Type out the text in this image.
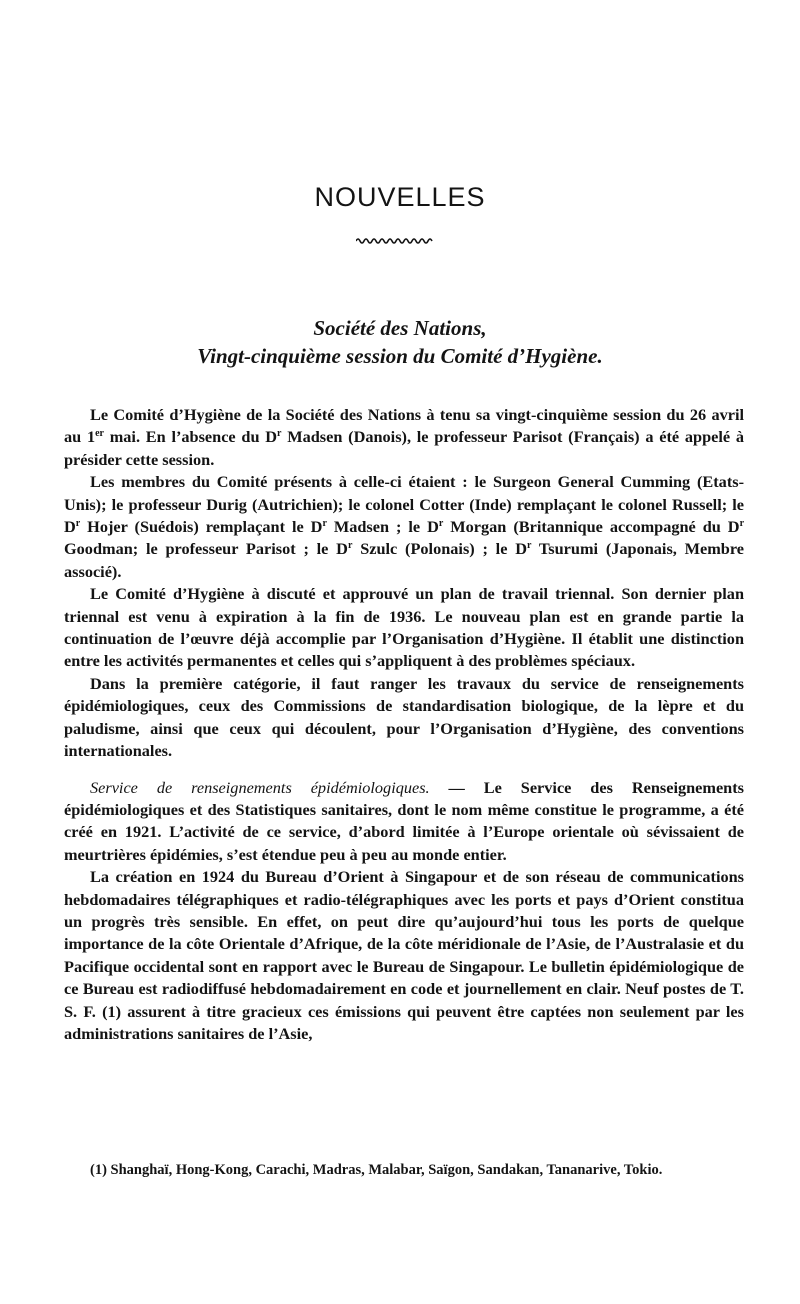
NOUVELLES
Société des Nations,
Vingt-cinquième session du Comité d’Hygiène.

Le Comité d’Hygiène de la Société des Nations à tenu sa vingt-cinquième session du 26 avril au 1er mai. En l’absence du $D^r$ Madsen (Danois), le professeur Parisot (Français) a été appelé à présider cette session.

Les membres du Comité présents à celle-ci étaient : le Surgeon General Cumming (Etats-Unis); le professeur Durig (Autrichien); le colonel Cotter (Inde) remplaçant le colonel Russell; le $D^r$ Hojer (Suédois) remplaçant le $D^r$ Madsen ; le $D^r$ Morgan (Britannique accompagné du $D^r$ Goodman; le professeur Parisot ; le $D^r$ Szulc (Polonais) ; le $D^r$ Tsurumi (Japonais, Membre associé).

Le Comité d’Hygiène à discuté et approuvé un plan de travail triennal. Son dernier plan triennal est venu à expiration à la fin de 1936. Le nouveau plan est en grande partie la continuation de l’œuvre déjà accomplie par l’Organisation d’Hygiène. Il établit une distinction entre les activités permanentes et celles qui s’appliquent à des problèmes spéciaux.

Dans la première catégorie, il faut ranger les travaux du service de renseignements épidémiologiques, ceux des Commissions de standardisation biologique, de la lèpre et du paludisme, ainsi que ceux qui découlent, pour l’Organisation d’Hygiène, des conventions internationales.

Service de renseignements épidémiologiques. — Le Service des Renseignements épidémiologiques et des Statistiques sanitaires, dont le nom même constitue le programme, a été créé en 1921. L’activité de ce service, d’abord limitée à l’Europe orientale où sévissaient de meurtrières épidémies, s’est étendue peu à peu au monde entier.

La création en 1924 du Bureau d’Orient à Singapour et de son réseau de communications hebdomadaires télégraphiques et radio-télégraphiques avec les ports et pays d’Orient constitua un progrès très sensible. En effet, on peut dire qu’aujourd’hui tous les ports de quelque importance de la côte Orientale d’Afrique, de la côte méridionale de l’Asie, de l’Australasie et du Pacifique occidental sont en rapport avec le Bureau de Singapour. Le bulletin épidémiologique de ce Bureau est radiodiffusé hebdomadairement en code et journellement en clair. Neuf postes de T. S. F. (1) assurent à titre gracieux ces émissions qui peuvent être captées non seulement par les administrations sanitaires de l’Asie,

(1) Shanghaï, Hong-Kong, Carachi, Madras, Malabar, Saïgon, Sandakan, Tananarive, Tokio.
